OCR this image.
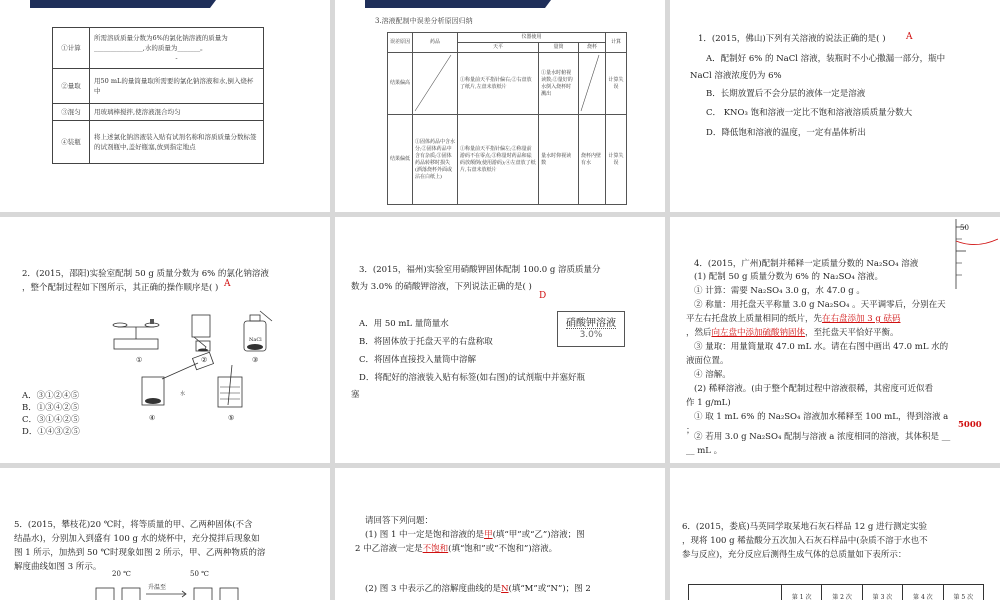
①计算	所需溶质质量分数为6%的氯化钠溶液的质量为_______________,水的质量为_______。

-

②量取	用50 mL的量筒量取所需要的氯化钠溶液和水,倒入烧杯中
③混匀	用玻璃棒搅拌,使溶液混合均匀
④装瓶	将上述氯化钠溶液装入贴有试剂名称和溶质质量分数标签的试剂瓶中,盖好瓶塞,放到指定地点
3.溶液配制中误差分析原因归纳
误差原因	药品	仪器使用			计算
		天平	量筒	烧杯	
结果偏高		①称量前天平指针偏右;②右盘放了纸片,左盘未放纸片	①量水时俯视读数;②量好的水倒入烧杯时溅出		计算失误
结果偏低	①固体药品中含水分;②固体药品中含有杂质;③固体药品转移时损失(洒落烧杯外面或沾在白纸上)	①称量前天平指针偏左;②称量前游码不在零点;③称量时药品和砝码放颠倒(使用游码);④左盘放了纸片,右盘未放纸片	量水时仰视读数	烧杯内壁有水	计算失误
1．(2015，佛山)下列有关溶液的说法正确的是( ) A
A．配制好 6% 的 NaCl 溶液，装瓶时不小心撒漏一部分，瓶中
NaCl 溶液浓度仍为 6%
B．长期放置后不会分层的液体一定是溶液
C． KNO₃ 饱和溶液一定比不饱和溶液溶质质量分数大
D．降低饱和溶液的温度，一定有晶体析出
2．(2015，邵阳)实验室配制 50 g 质量分数为 6% 的氯化钠溶液
，整个配制过程如下图所示，其正确的操作顺序是( ) A
①	②	③
NaCl
水
④	⑤
A．③①②④⑤
B．①③④②⑤
C．③①④②⑤
D．①④③②⑤
3．(2015，福州)实验室用硝酸钾固体配制 100.0 g 溶质质量分
数为 3.0% 的硝酸钾溶液，下列说法正确的是( )
D
硝酸钾溶液
3.0%
A．用 50 mL 量筒量水
B．将固体放于托盘天平的右盘称取
C．将固体直接投入量筒中溶解
D．将配好的溶液装入贴有标签(如右图)的试剂瓶中并塞好瓶
塞
50
4．(2015，广州)配制并稀释一定质量分数的 Na₂SO₄ 溶液
(1) 配制 50 g 质量分数为 6% 的 Na₂SO₄ 溶液。
① 计算：需要 Na₂SO₄ 3.0 g，水 47.0 g 。
② 称量：用托盘天平称量 3.0 g Na₂SO₄ 。天平调零后，分别在天
平左右托盘放上质量相同的纸片，先在右盘添加 3 g 砝码
，然后向左盘中添加硫酸钠固体，至托盘天平恰好平衡。
③ 量取：用量筒量取 47.0 mL 水。请在右图中画出 47.0 mL 水的
液面位置。
④ 溶解。
(2) 稀释溶液。(由于整个配制过程中溶液很稀，其密度可近似看
作 1 g/mL)
① 取 1 mL 6% 的 Na₂SO₄ 溶液加水稀释至 100 mL，得到溶液 a
；
5000
② 若用 3.0 g Na₂SO₄ 配制与溶液 a 浓度相同的溶液，其体积是 __
__ mL 。
5．(2015，攀枝花)20 ℃时，将等质量的甲、乙两种固体(不含
结晶水)，分别加入到盛有 100 g 水的烧杯中，充分搅拌后现象如
图 1 所示，加热到 50 ℃时现象如图 2 所示，甲、乙两种物质的溶
解度曲线如图 3 所示。
20 ℃	50 ℃
升温至
请回答下列问题：
(1) 图 1 中一定是饱和溶液的是甲(填“甲”或“乙”)溶液；图
2 中乙溶液一定是不饱和(填“饱和”或“不饱和”)溶液。
(2) 图 3 中表示乙的溶解度曲线的是N(填“M”或“N”)；图 2
6．(2015，娄底)马英同学取某地石灰石样品 12 g 进行测定实验
，现将 100 g 稀盐酸分五次加入石灰石样品中(杂质不溶于水也不
参与反应)，充分反应后测得生成气体的总质量如下表所示：
	第 1 次	第 2 次	第 3 次	第 4 次	第 5 次
